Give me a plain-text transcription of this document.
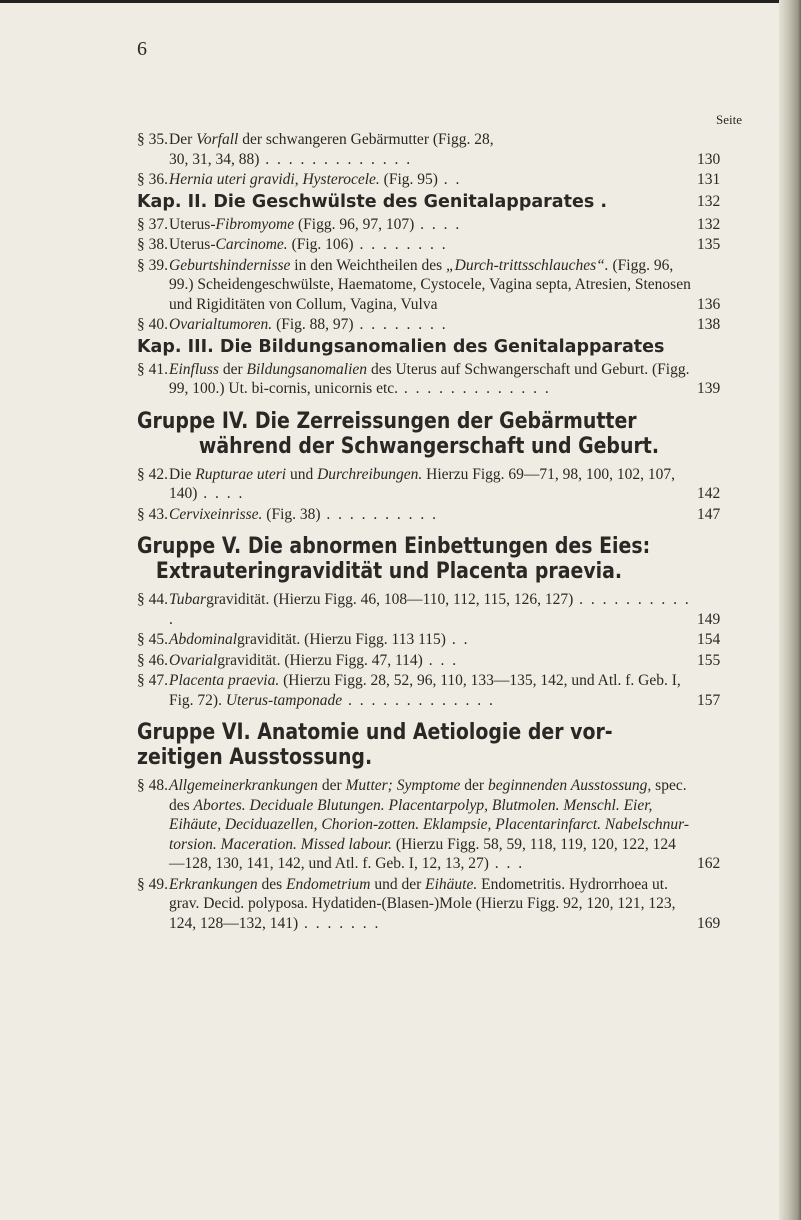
6
Seite
§ 35. Der Vorfall der schwangeren Gebärmutter (Figg. 28,
30, 31, 34, 88) . . . . . . . . . . . . .	130
§ 36. Hernia uteri gravidi, Hysterocele. (Fig. 95) . .	131
Kap. II. Die Geschwülste des Genitalapparates .	132
§ 37. Uterus-Fibromyome (Figg. 96, 97, 107) . . . .	132
§ 38. Uterus-Carcinome. (Fig. 106) . . . . . . . .	135
§ 39. Geburtshindernisse in den Weichtheilen des „Durch-trittsschlauches“. (Figg. 96, 99.) Scheidengeschwülste, Haematome, Cystocele, Vagina septa, Atresien, Stenosen und Rigiditäten von Collum, Vagina, Vulva	136
§ 40. Ovarialtumoren. (Fig. 88, 97) . . . . . . . .	138
Kap. III. Die Bildungsanomalien des Genitalapparates
§ 41. Einfluss der Bildungsanomalien des Uterus auf Schwangerschaft und Geburt. (Figg. 99, 100.) Ut. bi-cornis, unicornis etc. . . . . . . . . . . . . .	139
Gruppe IV. Die Zerreissungen der Gebärmutter
während der Schwangerschaft und Geburt.
§ 42. Die Rupturae uteri und Durchreibungen. Hierzu Figg. 69—71, 98, 100, 102, 107, 140) . . . .	142
§ 43. Cervixeinrisse. (Fig. 38) . . . . . . . . . .	147
Gruppe V. Die abnormen Einbettungen des Eies:
Extrauteringravidität und Placenta praevia.
§ 44. Tubargravidität. (Hierzu Figg. 46, 108—110, 112, 115, 126, 127) . . . . . . . . . . .	149
§ 45. Abdominalgravidität. (Hierzu Figg. 113 115) . .	154
§ 46. Ovarialgravidität. (Hierzu Figg. 47, 114) . . .	155
§ 47. Placenta praevia. (Hierzu Figg. 28, 52, 96, 110, 133—135, 142, und Atl. f. Geb. I, Fig. 72). Uterus-tamponade . . . . . . . . . . . . .	157
Gruppe VI. Anatomie und Aetiologie der vor-
zeitigen Ausstossung.
§ 48. Allgemeinerkrankungen der Mutter; Symptome der beginnenden Ausstossung, spec. des Abortes. Deciduale Blutungen. Placentarpolyp, Blutmolen. Menschl. Eier, Eihäute, Deciduazellen, Chorion-zotten. Eklampsie, Placentarinfarct. Nabelschnur-torsion. Maceration. Missed labour. (Hierzu Figg. 58, 59, 118, 119, 120, 122, 124—128, 130, 141, 142, und Atl. f. Geb. I, 12, 13, 27) . . .	162
§ 49. Erkrankungen des Endometrium und der Eihäute. Endometritis. Hydrorrhoea ut. grav. Decid. polyposa. Hydatiden-(Blasen-)Mole (Hierzu Figg. 92, 120, 121, 123, 124, 128—132, 141) . . . . . . .	169
